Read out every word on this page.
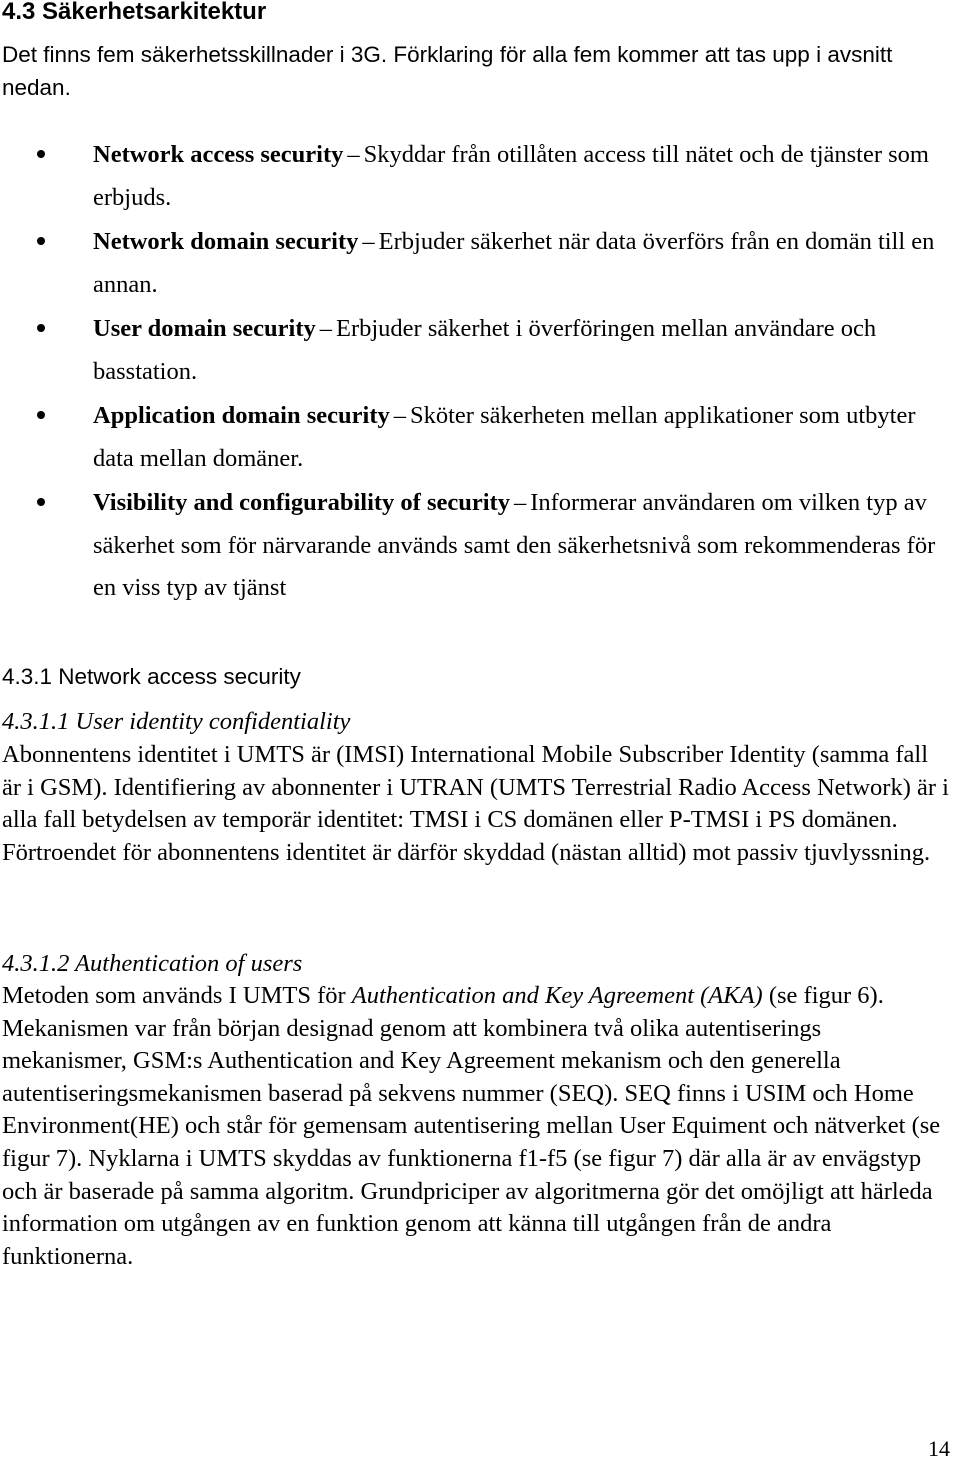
4.3 Säkerhetsarkitektur

Det finns fem säkerhetsskillnader i 3G. Förklaring för alla fem kommer att tas upp i avsnitt nedan.

Network access security – Skyddar från otillåten access till nätet och de tjänster som erbjuds.
Network domain security – Erbjuder säkerhet när data överförs från en domän till en annan.
User domain security – Erbjuder säkerhet i överföringen mellan användare och basstation.
Application domain security – Sköter säkerheten mellan applikationer som utbyter data mellan domäner.
Visibility and configurability of security – Informerar användaren om vilken typ av säkerhet som för närvarande används samt den säkerhetsnivå som rekommenderas för en viss typ av tjänst
4.3.1 Network access security
4.3.1.1 User identity confidentiality

Abonnentens identitet i UMTS är (IMSI) International Mobile Subscriber Identity (samma fall är i GSM). Identifiering av abonnenter i UTRAN (UMTS Terrestrial Radio Access Network) är i alla fall betydelsen av temporär identitet: TMSI i CS domänen eller P-TMSI i PS domänen. Förtroendet för abonnentens identitet är därför skyddad (nästan alltid) mot passiv tjuvlyssning.

4.3.1.2 Authentication of users

Metoden som används I UMTS för Authentication and Key Agreement (AKA) (se figur 6). Mekanismen var från början designad genom att kombinera två olika autentiserings mekanismer, GSM:s Authentication and Key Agreement mekanism och den generella autentiseringsmekanismen baserad på sekvens nummer (SEQ). SEQ finns i USIM och Home Environment(HE) och står för gemensam autentisering mellan User Equiment och nätverket (se figur 7). Nyklarna i UMTS skyddas av funktionerna f1-f5 (se figur 7) där alla är av envägstyp och är baserade på samma algoritm. Grundpriciper av algoritmerna gör det omöjligt att härleda information om utgången av en funktion genom att känna till utgången från de andra funktionerna.

14
